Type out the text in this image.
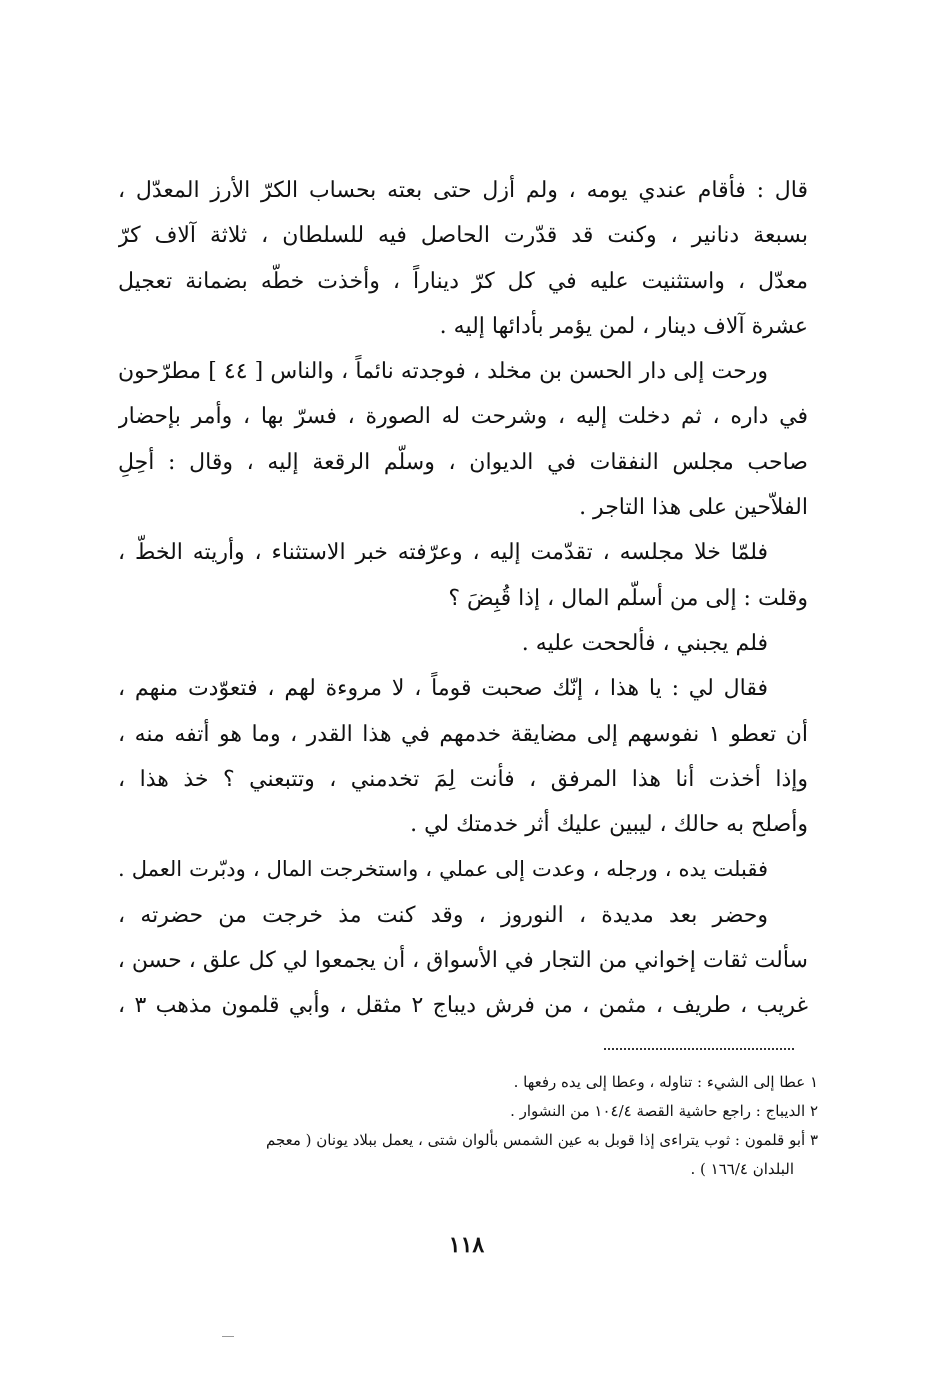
قال : فأقام عندي يومه ، ولم أزل حتى بعته بحساب الكرّ الأرز المعدّل ،
بسبعة دنانير ، وكنت قد قدّرت الحاصل فيه للسلطان ، ثلاثة آلاف كرّ
معدّل ، واستثنيت عليه في كل كرّ ديناراً ، وأخذت خطّه بضمانة تعجيل
عشرة آلاف دينار ، لمن يؤمر بأدائها إليه .
ورحت إلى دار الحسن بن مخلد ، فوجدته نائماً ، والناس [ ٤٤ ] مطرّحون
في داره ، ثم دخلت إليه ، وشرحت له الصورة ، فسرّ بها ، وأمر بإحضار
صاحب مجلس النفقات في الديوان ، وسلّم الرقعة إليه ، وقال : أحِلِ
الفلاّحين على هذا التاجر .
فلمّا خلا مجلسه ، تقدّمت إليه ، وعرّفته خبر الاستثناء ، وأريته الخطّ ،
وقلت : إلى من أسلّم المال ، إذا قُبِضَ ؟
فلم يجبني ، فألححت عليه .
فقال لي : يا هذا ، إنّك صحبت قوماً ، لا مروءة لهم ، فتعوّدت منهم ،
أن تعطو ١ نفوسهم إلى مضايقة خدمهم في هذا القدر ، وما هو أتفه منه ،
وإذا أخذت أنا هذا المرفق ، فأنت لِمَ تخدمني ، وتتبعني ؟ خذ هذا ،
وأصلح به حالك ، ليبين عليك أثر خدمتك لي .
فقبلت يده ، ورجله ، وعدت إلى عملي ، واستخرجت المال ، ودبّرت العمل .
وحضر بعد مديدة ، النوروز ، وقد كنت مذ خرجت من حضرته ،
سألت ثقات إخواني من التجار في الأسواق ، أن يجمعوا لي كل علق ، حسن ،
غريب ، طريف ، مثمن ، من فرش ديباج ٢ مثقل ، وأبي قلمون مذهب ٣ ،
١ عطا إلى الشيء : تناوله ، وعطا إلى يده رفعها .
٢ الديباج : راجع حاشية القصة ١٠٤/٤ من النشوار .
٣ أبو قلمون : ثوب يتراءى إذا قوبل به عين الشمس بألوان شتى ، يعمل ببلاد يونان ( معجم
البلدان ١٦٦/٤ ) .
١١٨
